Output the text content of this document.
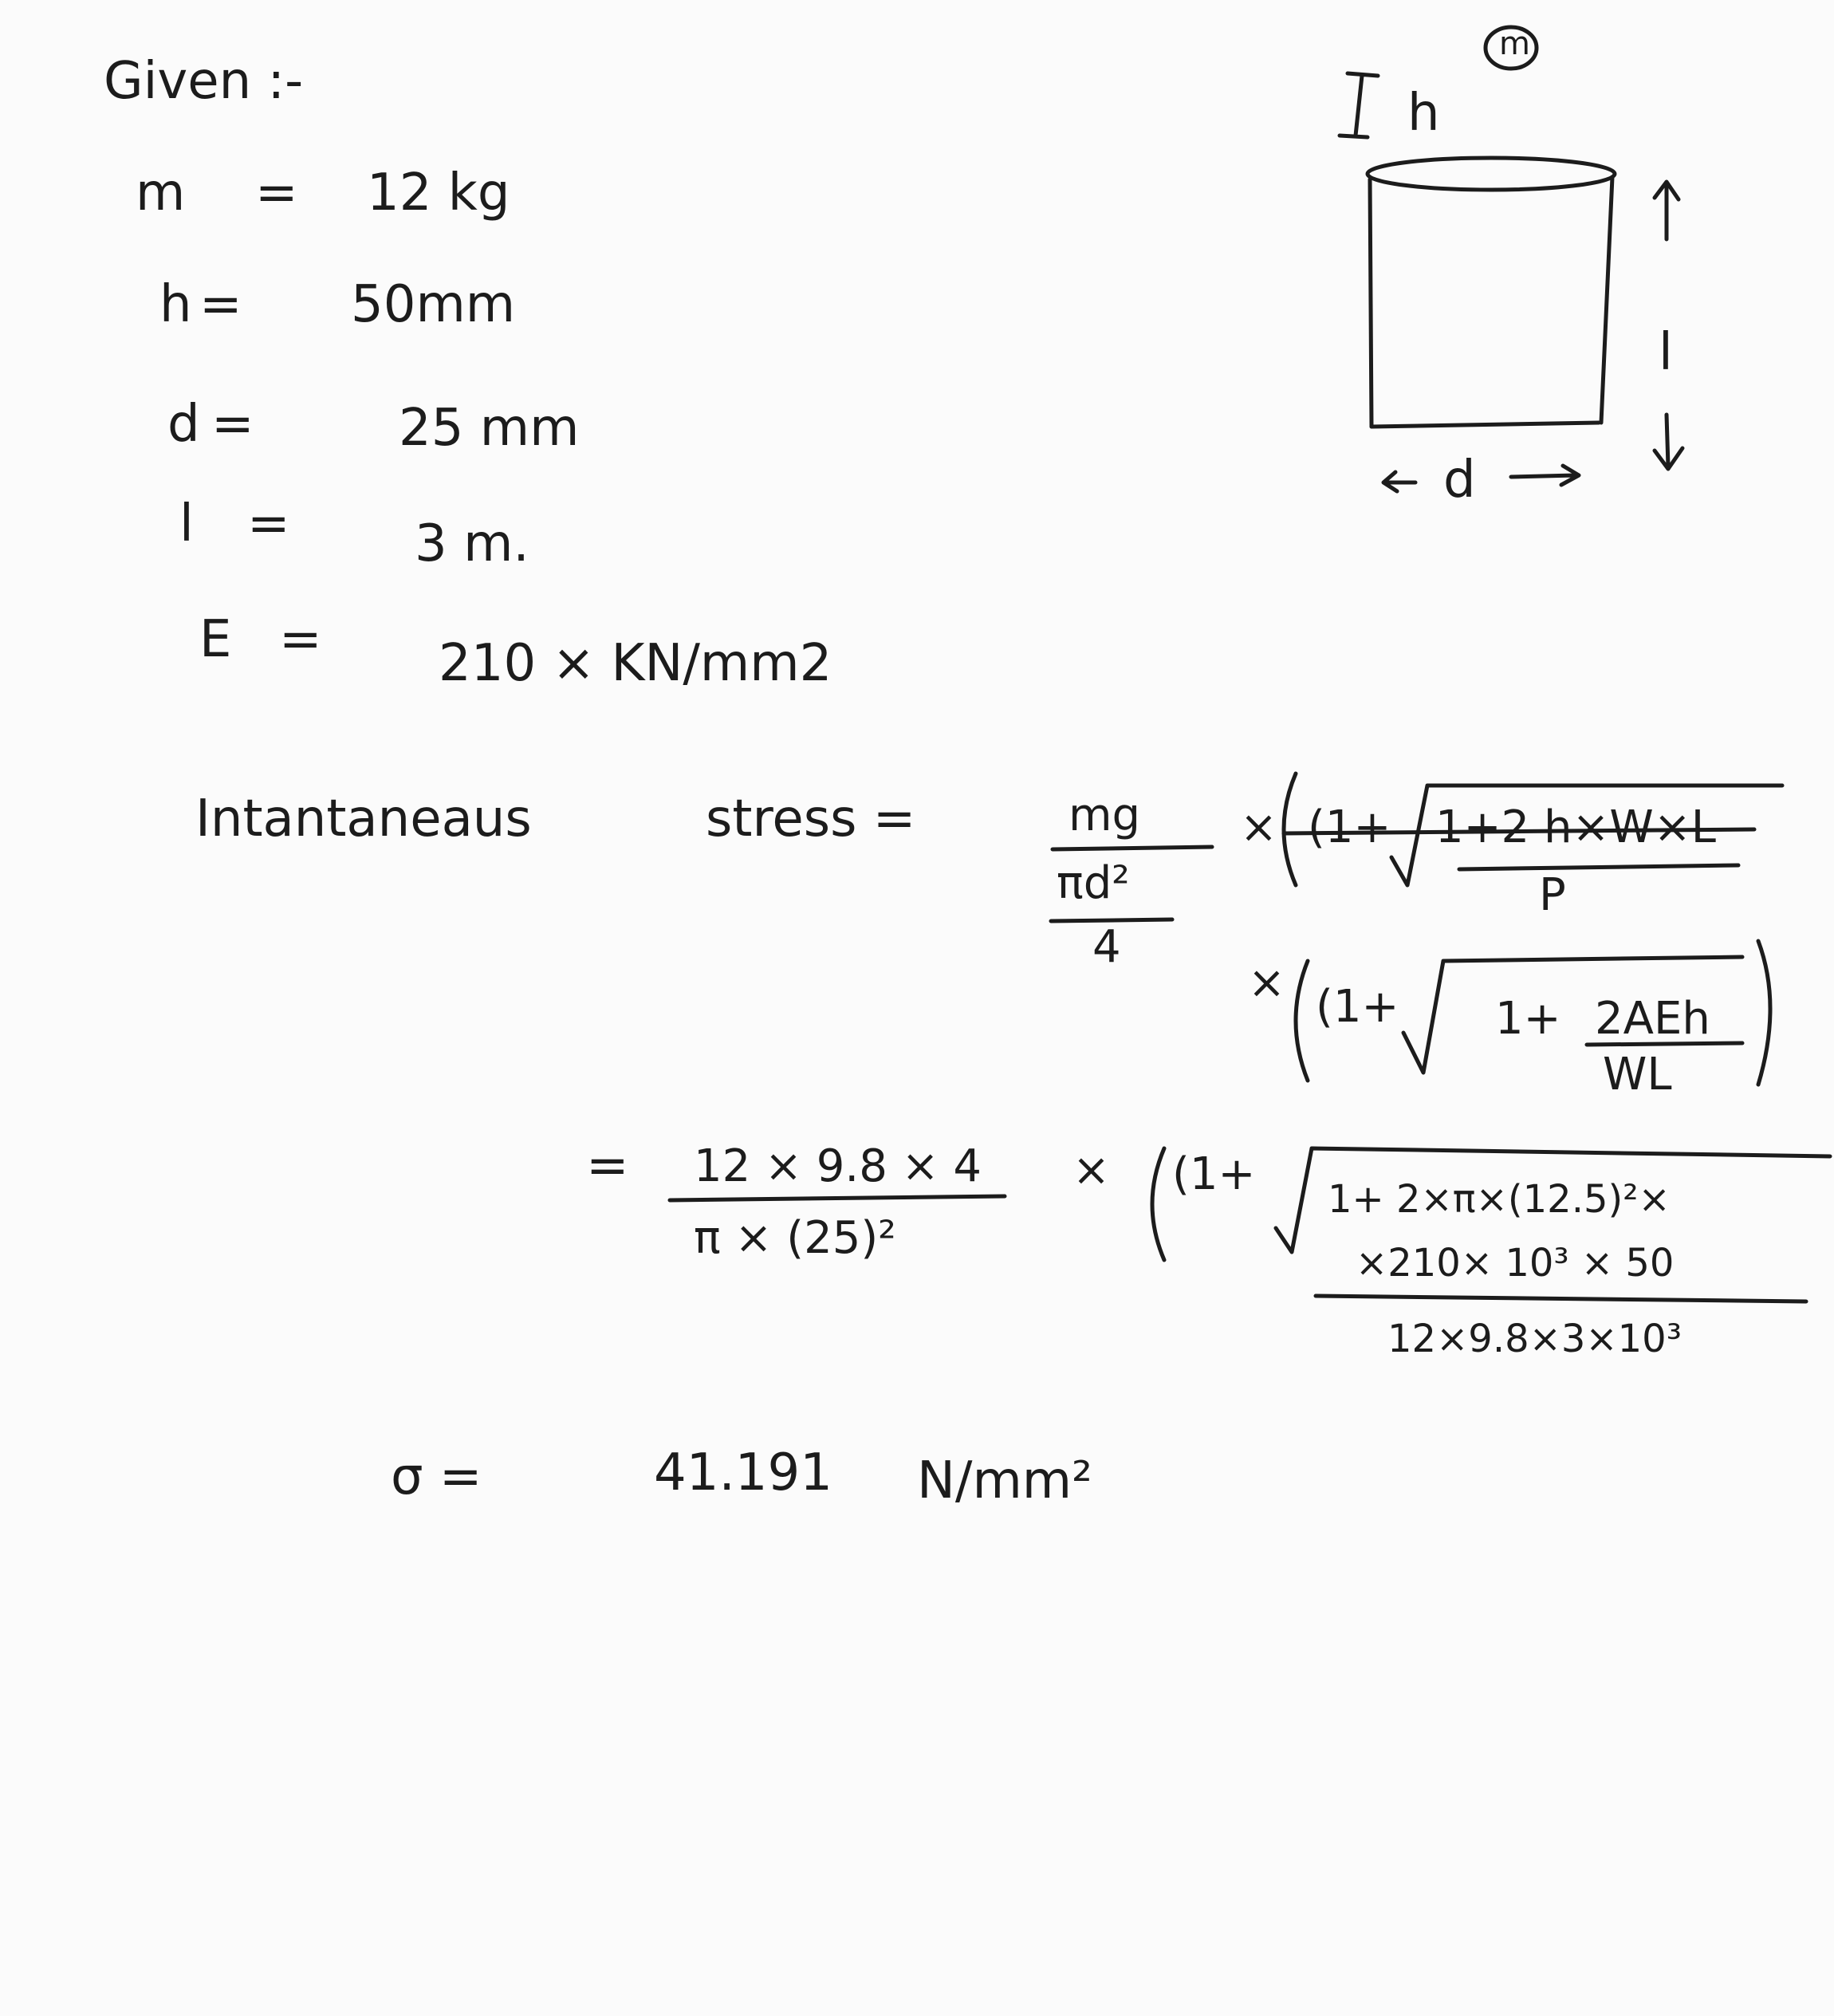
Given :-
m = 12 kg
h = 50mm
d =	25 mm
l = 3 m.
E = 210 × KN/mm2
m
h
l
d
Intantaneaus	stress =	mg
πd²
4
× (1+ 1+2 h×W×L
P
× (1+ 1+ 2AEh
WL
= 12 × 9.8 × 4
π × (25)²
× (1+ 1+ 2×π×(12.5)²×
×210× 10³ × 50
12×9.8×3×10³
σ =	41.191 N/mm²
